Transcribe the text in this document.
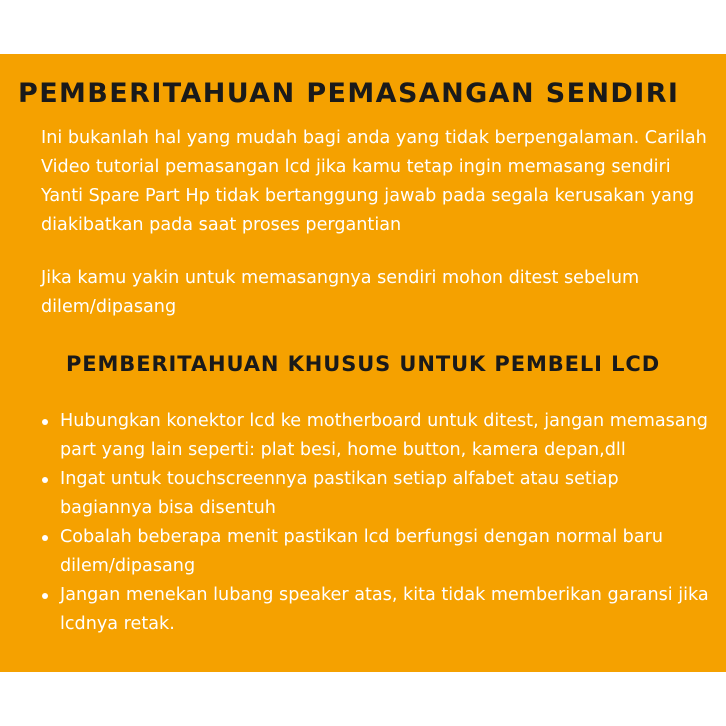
PEMBERITAHUAN PEMASANGAN SENDIRI
Ini bukanlah hal yang mudah bagi anda yang tidak berpengalaman. Carilah Video tutorial pemasangan lcd jika kamu tetap ingin memasang sendiri Yanti Spare Part Hp tidak bertanggung jawab pada segala kerusakan yang diakibatkan pada saat proses pergantian
Jika kamu yakin untuk memasangnya sendiri mohon ditest sebelum dilem/dipasang
PEMBERITAHUAN KHUSUS UNTUK PEMBELI LCD
Hubungkan konektor lcd ke motherboard untuk ditest, jangan memasang part yang lain seperti: plat besi, home button, kamera depan,dll
Ingat untuk touchscreennya pastikan setiap alfabet atau setiap bagiannya bisa disentuh
Cobalah beberapa menit pastikan lcd berfungsi dengan normal baru dilem/dipasang
Jangan menekan lubang speaker atas, kita tidak memberikan garansi jika lcdnya retak.
